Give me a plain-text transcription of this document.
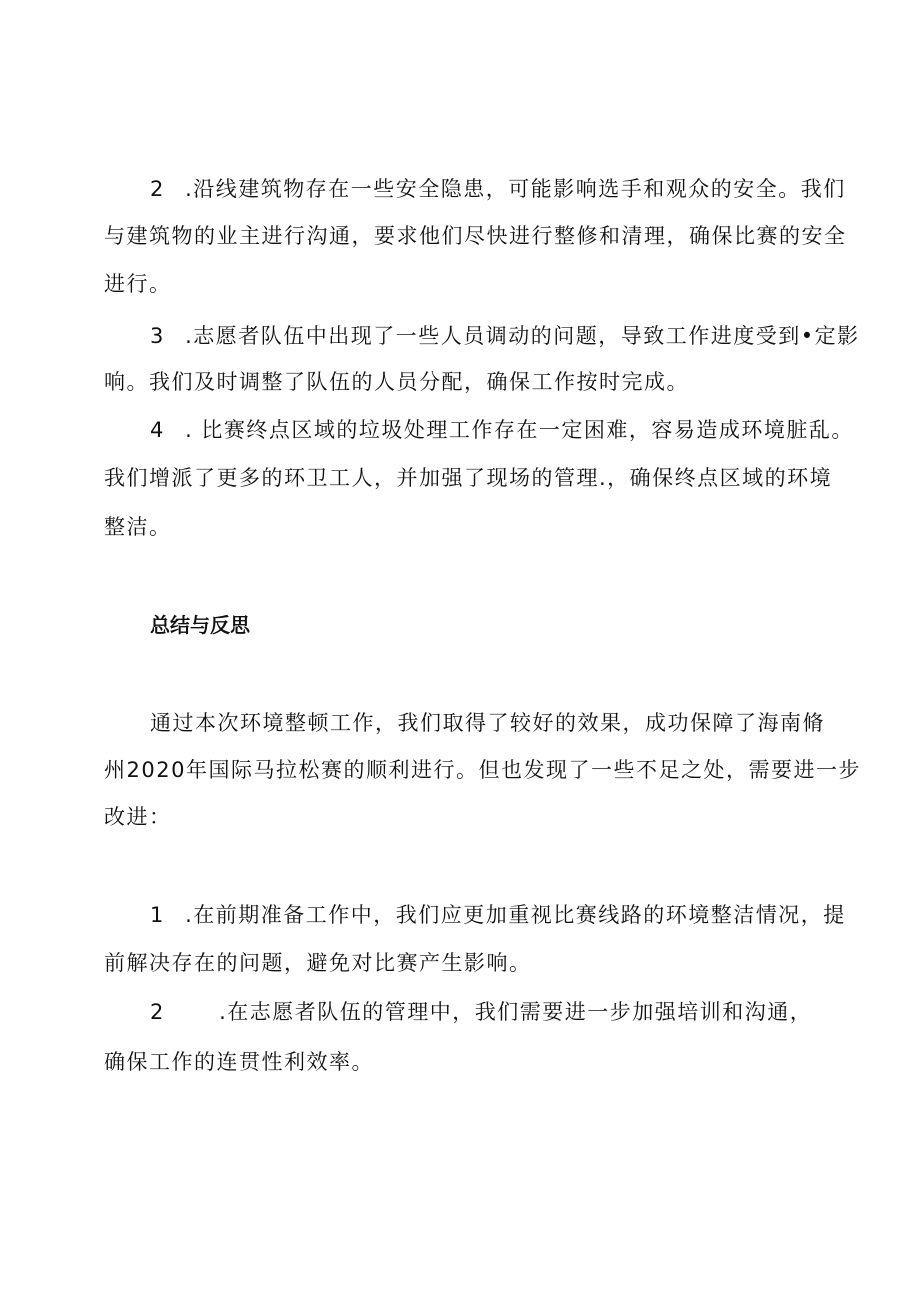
2 .沿线建筑物存在一些安全隐患，可能影响选手和观众的安全。我们
与建筑物的业主进行沟通，要求他们尽快进行整修和清理，确保比赛的安全
进行。
3 .志愿者队伍中出现了一些人员调动的问题，导致工作进度受到•定影
响。我们及时调整了队伍的人员分配，确保工作按时完成。
4 . 比赛终点区域的垃圾处理工作存在一定困难，容易造成环境脏乱。
我们增派了更多的环卫工人，并加强了现场的管理.，确保终点区域的环境
整洁。
总结与反思
通过本次环境整顿工作，我们取得了较好的效果，成功保障了海南脩
州2020年国际马拉松赛的顺利进行。但也发现了一些不足之处，需要进一步
改进：
1 .在前期准备工作中，我们应更加重视比赛线路的环境整洁情况，提
前解决存在的问题，避免对比赛产生影响。
2	.在志愿者队伍的管理中，我们需要进一步加强培训和沟通，
确保工作的连贯性利效率。
